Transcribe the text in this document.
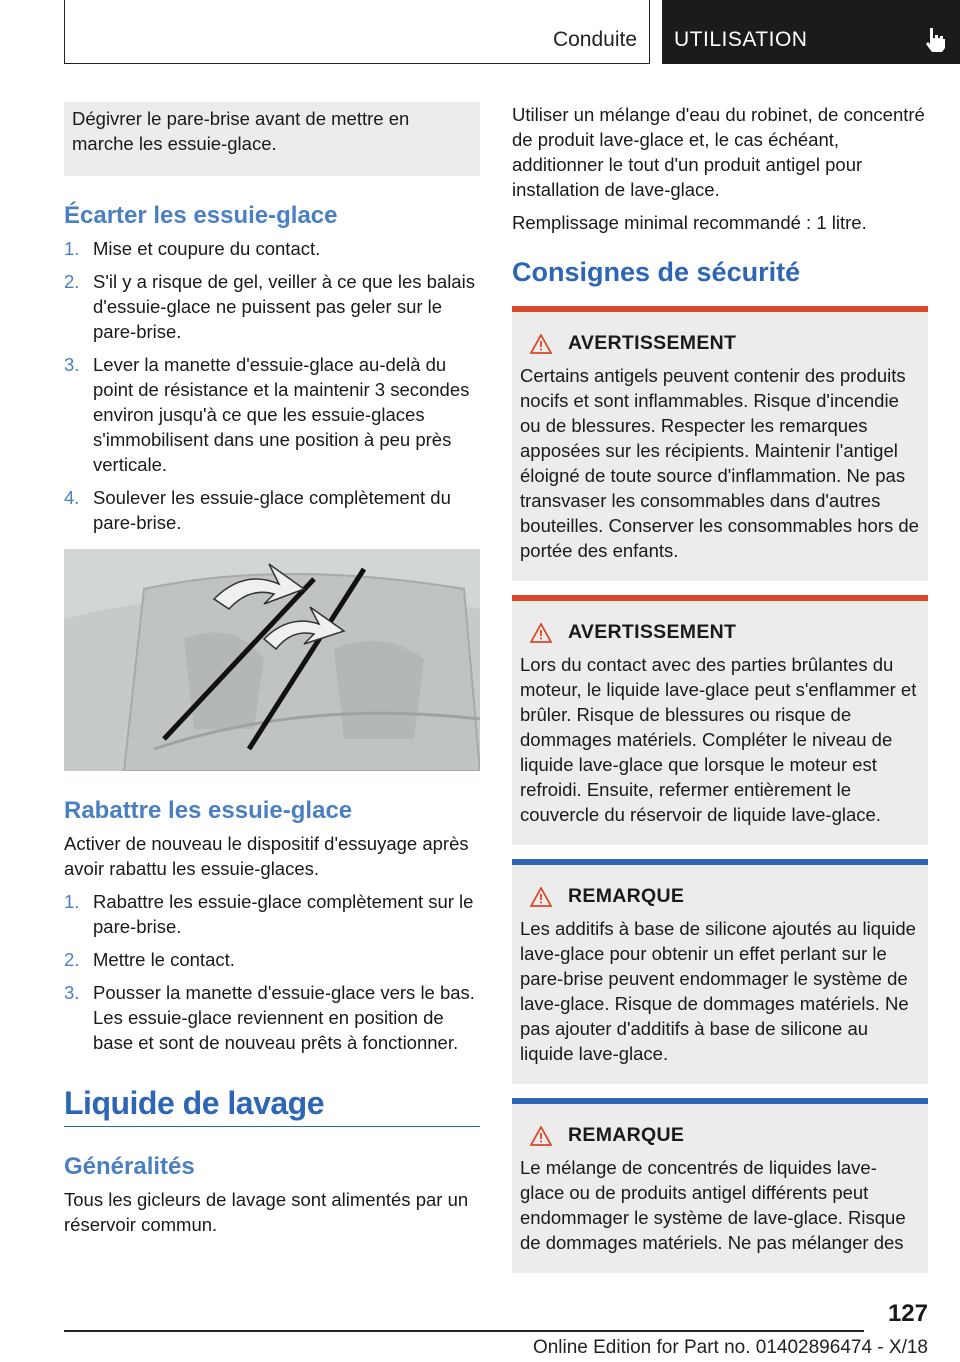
Conduite UTILISATION
Dégivrer le pare-brise avant de mettre en marche les essuie-glace.
Écarter les essuie-glace
1. Mise et coupure du contact.
2. S'il y a risque de gel, veiller à ce que les balais d'essuie-glace ne puissent pas geler sur le pare-brise.
3. Lever la manette d'essuie-glace au-delà du point de résistance et la maintenir 3 secondes environ jusqu'à ce que les essuie-glaces s'immobilisent dans une position à peu près verticale.
4. Soulever les essuie-glace complètement du pare-brise.
Rabattre les essuie-glace

Activer de nouveau le dispositif d'essuyage après avoir rabattu les essuie-glaces.

1. Rabattre les essuie-glace complètement sur le pare-brise.
2. Mettre le contact.
3. Pousser la manette d'essuie-glace vers le bas. Les essuie-glace reviennent en position de base et sont de nouveau prêts à fonctionner.
Liquide de lavage
Généralités

Tous les gicleurs de lavage sont alimentés par un réservoir commun.

Utiliser un mélange d'eau du robinet, de concentré de produit lave-glace et, le cas échéant, additionner le tout d'un produit antigel pour installation de lave-glace.

Remplissage minimal recommandé : 1 litre.

Consignes de sécurité
AVERTISSEMENT

Certains antigels peuvent contenir des produits nocifs et sont inflammables. Risque d'incendie ou de blessures. Respecter les remarques apposées sur les récipients. Maintenir l'antigel éloigné de toute source d'inflammation. Ne pas transvaser les consommables dans d'autres bouteilles. Conserver les consommables hors de portée des enfants.

AVERTISSEMENT

Lors du contact avec des parties brûlantes du moteur, le liquide lave-glace peut s'enflammer et brûler. Risque de blessures ou risque de dommages matériels. Compléter le niveau de liquide lave-glace que lorsque le moteur est refroidi. Ensuite, refermer entièrement le couvercle du réservoir de liquide lave-glace.

REMARQUE

Les additifs à base de silicone ajoutés au liquide lave-glace pour obtenir un effet perlant sur le pare-brise peuvent endommager le système de lave-glace. Risque de dommages matériels. Ne pas ajouter d'additifs à base de silicone au liquide lave-glace.

REMARQUE

Le mélange de concentrés de liquides lave-glace ou de produits antigel différents peut endommager le système de lave-glace. Risque de dommages matériels. Ne pas mélanger des

127
Online Edition for Part no. 01402896474 - X/18
